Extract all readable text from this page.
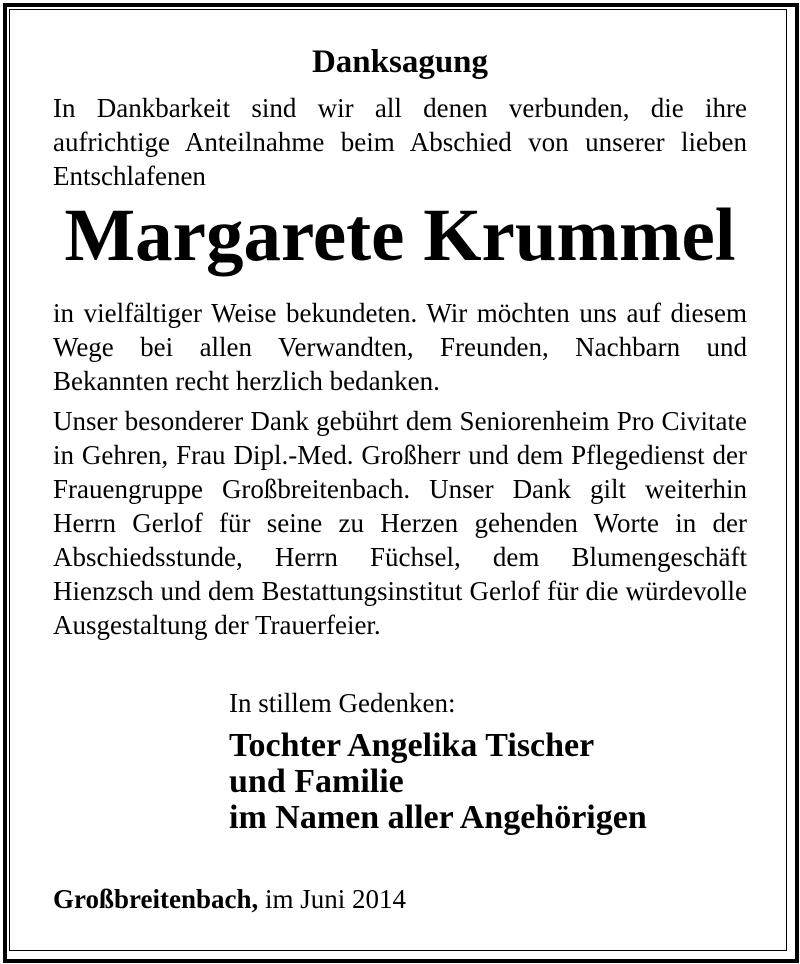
Danksagung
In Dankbarkeit sind wir all denen verbunden, die ihre aufrichtige Anteilnahme beim Abschied von unserer lieben Entschlafenen
Margarete Krummel
in vielfältiger Weise bekundeten. Wir möchten uns auf diesem Wege bei allen Verwandten, Freunden, Nachbarn und Bekannten recht herzlich bedanken.
Unser besonderer Dank gebührt dem Seniorenheim Pro Civitate in Gehren, Frau Dipl.-Med. Großherr und dem Pflegedienst der Frauengruppe Großbreitenbach. Unser Dank gilt weiterhin Herrn Gerlof für seine zu Herzen gehenden Worte in der Abschiedsstunde, Herrn Füchsel, dem Blumengeschäft Hienzsch und dem Bestattungsinstitut Gerlof für die würdevolle Ausgestaltung der Trauerfeier.
In stillem Gedenken:
Tochter Angelika Tischer
und Familie
im Namen aller Angehörigen
Großbreitenbach, im Juni 2014
